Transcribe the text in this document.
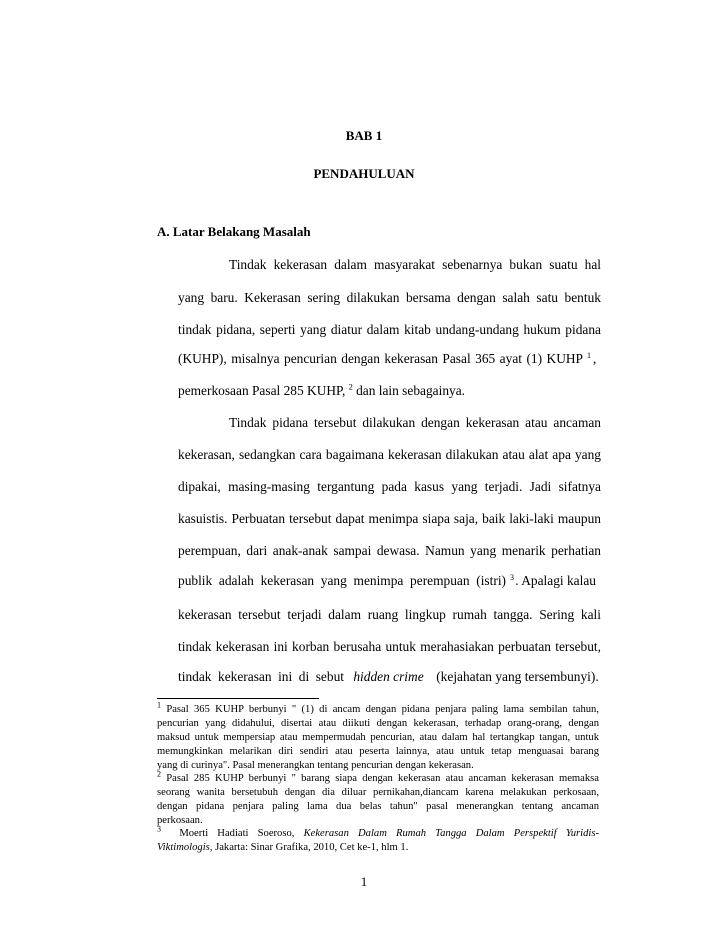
BAB 1
PENDAHULUAN
A. Latar Belakang Masalah
Tindak kekerasan dalam masyarakat sebenarnya bukan suatu hal
yang baru. Kekerasan sering dilakukan bersama dengan salah satu bentuk
tindak pidana, seperti yang diatur dalam kitab undang-undang hukum pidana
(KUHP), misalnya pencurian dengan kekerasan Pasal 365 ayat (1) KUHP $^1$ ,
pemerkosaan Pasal 285 KUHP, $^2$ dan lain sebagainya.
Tindak pidana tersebut dilakukan dengan kekerasan atau ancaman
kekerasan, sedangkan cara bagaimana kekerasan dilakukan atau alat apa yang
dipakai, masing-masing tergantung pada kasus yang terjadi. Jadi sifatnya
kasuistis. Perbuatan tersebut dapat menimpa siapa saja, baik laki-laki maupun
perempuan, dari anak-anak sampai dewasa. Namun yang menarik perhatian
publik adalah kekerasan yang menimpa perempuan (istri) $^3$. Apalagi kalau
kekerasan tersebut terjadi dalam ruang lingkup rumah tangga. Sering kali
tindak kekerasan ini korban berusaha untuk merahasiakan perbuatan tersebut,
tindak kekerasan ini di sebut hidden crime (kejahatan yang tersembunyi).
$^1$ Pasal 365 KUHP berbunyi " (1) di ancam dengan pidana penjara paling lama sembilan tahun,
pencurian yang didahului, disertai atau diikuti dengan kekerasan, terhadap orang-orang, dengan
maksud untuk mempersiap atau mempermudah pencurian, atau dalam hal tertangkap tangan, untuk
memungkinkan melarikan diri sendiri atau peserta lainnya, atau untuk tetap menguasai barang
yang di curinya". Pasal menerangkan tentang pencurian dengan kekerasan.
$^2$ Pasal 285 KUHP berbunyi " barang siapa dengan kekerasan atau ancaman kekerasan memaksa
seorang wanita bersetubuh dengan dia diluar pernikahan,diancam karena melakukan perkosaan,
dengan pidana penjara paling lama dua belas tahun" pasal menerangkan tentang ancaman
perkosaan.
$^3$ Moerti Hadiati Soeroso, Kekerasan Dalam Rumah Tangga Dalam Perspektif Yuridis-
Viktimologis, Jakarta: Sinar Grafika, 2010, Cet ke-1, hlm 1.
1
